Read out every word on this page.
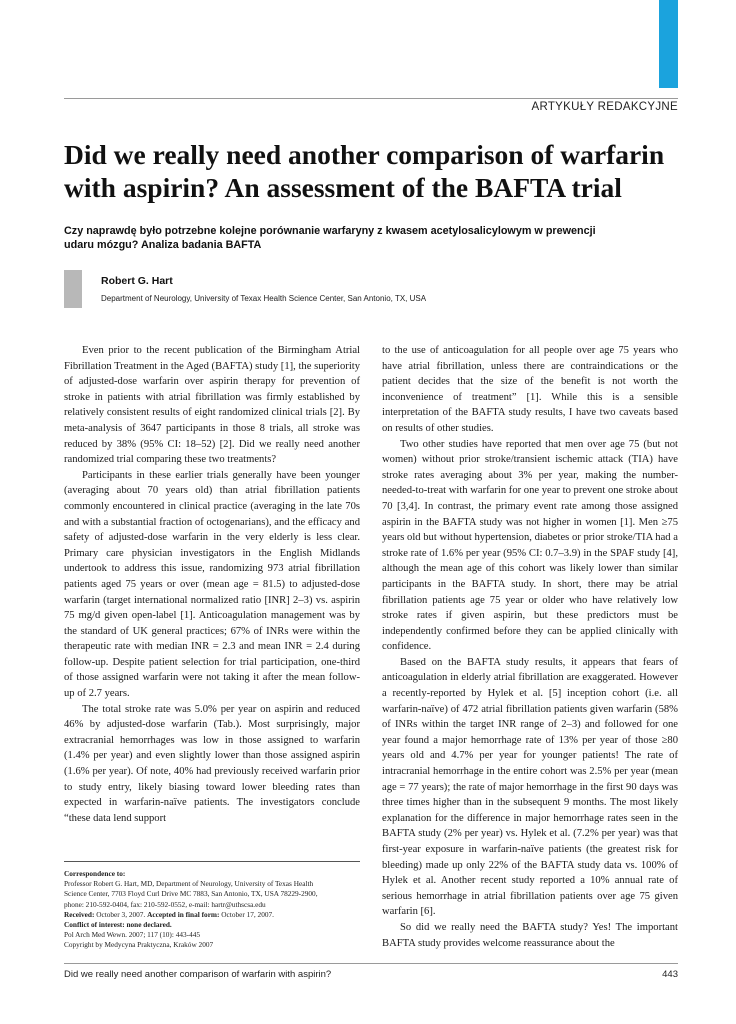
ARTYKUŁY REDAKCYJNE
Did we really need another comparison of warfarin with aspirin? An assessment of the BAFTA trial

Czy naprawdę było potrzebne kolejne porównanie warfaryny z kwasem acetylosalicylowym w prewencji udaru mózgu? Analiza badania BAFTA

Robert G. Hart
Department of Neurology, University of Texax Health Science Center, San Antonio, TX, USA

Even prior to the recent publication of the Birmingham Atrial Fibrillation Treatment in the Aged (BAFTA) study [1], the superiority of adjusted-dose warfarin over aspirin therapy for prevention of stroke in patients with atrial fibrillation was firmly established by relatively consistent results of eight randomized clinical trials [2]. By meta-analysis of 3647 participants in those 8 trials, all stroke was reduced by 38% (95% CI: 18–52) [2]. Did we really need another randomized trial comparing these two treatments?

Participants in these earlier trials generally have been younger (averaging about 70 years old) than atrial fibrillation patients commonly encountered in clinical practice (averaging in the late 70s and with a substantial fraction of octogenarians), and the efficacy and safety of adjusted-dose warfarin in the very elderly is less clear. Primary care physician investigators in the English Midlands undertook to address this issue, randomizing 973 atrial fibrillation patients aged 75 years or over (mean age = 81.5) to adjusted-dose warfarin (target international normalized ratio [INR] 2–3) vs. aspirin 75 mg/d given open-label [1]. Anticoagulation management was by the standard of UK general practices; 67% of INRs were within the therapeutic rate with median INR = 2.3 and mean INR = 2.4 during follow-up. Despite patient selection for trial participation, one-third of those assigned warfarin were not taking it after the mean follow-up of 2.7 years.

The total stroke rate was 5.0% per year on aspirin and reduced 46% by adjusted-dose warfarin (Tab.). Most surprisingly, major extracranial hemorrhages was low in those assigned to warfarin (1.4% per year) and even slightly lower than those assigned aspirin (1.6% per year). Of note, 40% had previously received warfarin prior to study entry, likely biasing toward lower bleeding rates than expected in warfarin-naïve patients. The investigators conclude “these data lend support

to the use of anticoagulation for all people over age 75 years who have atrial fibrillation, unless there are contraindications or the patient decides that the size of the benefit is not worth the inconvenience of treatment” [1]. While this is a sensible interpretation of the BAFTA study results, I have two caveats based on results of other studies.

Two other studies have reported that men over age 75 (but not women) without prior stroke/transient ischemic attack (TIA) have stroke rates averaging about 3% per year, making the number-needed-to-treat with warfarin for one year to prevent one stroke about 70 [3,4]. In contrast, the primary event rate among those assigned aspirin in the BAFTA study was not higher in women [1]. Men ≥75 years old but without hypertension, diabetes or prior stroke/TIA had a stroke rate of 1.6% per year (95% CI: 0.7–3.9) in the SPAF study [4], although the mean age of this cohort was likely lower than similar participants in the BAFTA study. In short, there may be atrial fibrillation patients age 75 year or older who have relatively low stroke rates if given aspirin, but these predictors must be independently confirmed before they can be applied clinically with confidence.

Based on the BAFTA study results, it appears that fears of anticoagulation in elderly atrial fibrillation are exaggerated. However a recently-reported by Hylek et al. [5] inception cohort (i.e. all warfarin-naïve) of 472 atrial fibrillation patients given warfarin (58% of INRs within the target INR range of 2–3) and followed for one year found a major hemorrhage rate of 13% per year of those ≥80 years old and 4.7% per year for younger patients! The rate of intracranial hemorrhage in the entire cohort was 2.5% per year (mean age = 77 years); the rate of major hemorrhage in the first 90 days was three times higher than in the subsequent 9 months. The most likely explanation for the difference in major hemorrhage rates seen in the BAFTA study (2% per year) vs. Hylek et al. (7.2% per year) was that first-year exposure in warfarin-naïve patients (the greatest risk for bleeding) made up only 22% of the BAFTA study data vs. 100% of Hylek et al. Another recent study reported a 10% annual rate of serious hemorrhage in atrial fibrillation patients over age 75 given warfarin [6].

So did we really need the BAFTA study? Yes! The important BAFTA study provides welcome reassurance about the

Correspondence to:
Professor Robert G. Hart, MD, Department of Neurology, University of Texas Health
Science Center, 7703 Floyd Curl Drive MC 7883, San Antonio, TX, USA 78229-2900,
phone: 210-592-0404, fax: 210-592-0552, e-mail: hartr@uthscsa.edu
Received: October 3, 2007. Accepted in final form: October 17, 2007.
Conflict of interest: none declared.
Pol Arch Med Wewn. 2007; 117 (10): 443-445
Copyright by Medycyna Praktyczna, Kraków 2007
Did we really need another comparison of warfarin with aspirin?	443
